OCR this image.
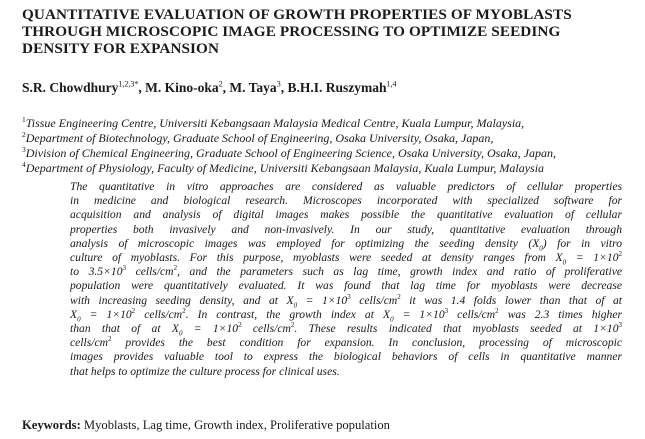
QUANTITATIVE EVALUATION OF GROWTH PROPERTIES OF MYOBLASTS
THROUGH MICROSCOPIC IMAGE PROCESSING TO OPTIMIZE SEEDING
DENSITY FOR EXPANSION
S.R. Chowdhury$^{1,2,3*}$, M. Kino-oka$^2$, M. Taya$^3$, B.H.I. Ruszymah$^{1,4}$
$^1$Tissue Engineering Centre, Universiti Kebangsaan Malaysia Medical Centre, Kuala Lumpur, Malaysia,
$^2$Department of Biotechnology, Graduate School of Engineering, Osaka University, Osaka, Japan,
$^3$Division of Chemical Engineering, Graduate School of Engineering Science, Osaka University, Osaka, Japan,
$^4$Department of Physiology, Faculty of Medicine, Universiti Kebangsaan Malaysia, Kuala Lumpur, Malaysia
The quantitative in vitro approaches are considered as valuable predictors of cellular properties
in medicine and biological research. Microscopes incorporated with specialized software for
acquisition and analysis of digital images makes possible the quantitative evaluation of cellular
properties both invasively and non-invasively. In our study, quantitative evaluation through
analysis of microscopic images was employed for optimizing the seeding density $(X_0)$ for in vitro
culture of myoblasts. For this purpose, myoblasts were seeded at density ranges from $X_0 = 1\times 10^2$
to $3.5\times 10^3$ cells/$cm^2$, and the parameters such as lag time, growth index and ratio of proliferative
population were quantitatively evaluated. It was found that lag time for myoblasts were decrease
with increasing seeding density, and at $X_0 = 1\times 10^3$ cells/$cm^2$ it was 1.4 folds lower than that of at
$X_0 = 1\times 10^2$ cells/$cm^2$. In contrast, the growth index at $X_0 = 1\times 10^3$ cells/$cm^2$ was 2.3 times higher
than that of at $X_0 = 1\times 10^2$ cells/$cm^2$. These results indicated that myoblasts seeded at $1\times 10^3$
cells/$cm^2$ provides the best condition for expansion. In conclusion, processing of microscopic
images provides valuable tool to express the biological behaviors of cells in quantitative manner
that helps to optimize the culture process for clinical uses.
Keywords: Myoblasts, Lag time, Growth index, Proliferative population
